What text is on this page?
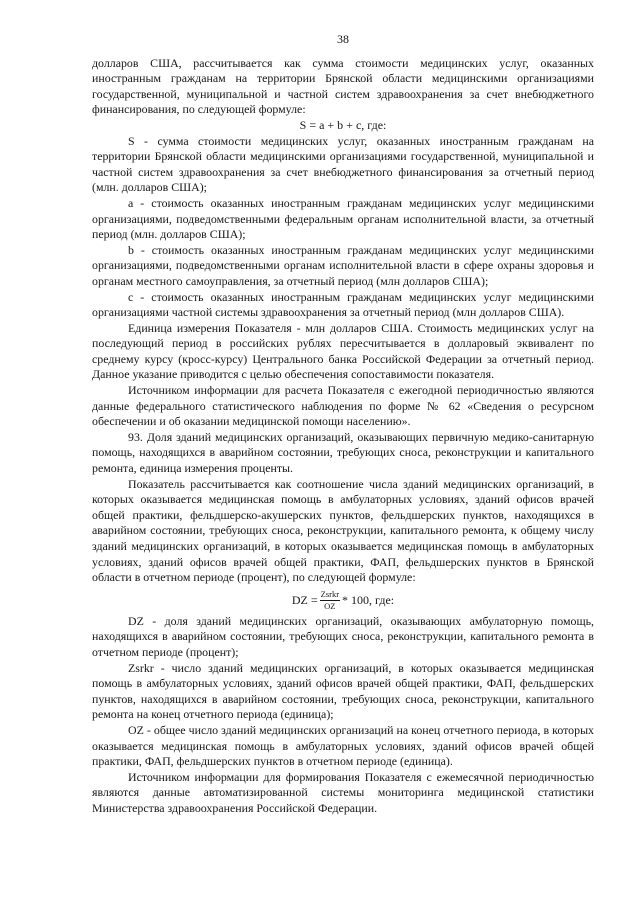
38

долларов США, рассчитывается как сумма стоимости медицинских услуг, оказанных иностранным гражданам на территории Брянской области медицинскими организациями государственной, муниципальной и частной систем здравоохранения за счет внебюджетного финансирования, по следующей формуле:

S = a + b + c, где:

S - сумма стоимости медицинских услуг, оказанных иностранным гражданам на территории Брянской области медицинскими организациями государственной, муниципальной и частной систем здравоохранения за счет внебюджетного финансирования за отчетный период (млн. долларов США);

a - стоимость оказанных иностранным гражданам медицинских услуг медицинскими организациями, подведомственными федеральным органам исполнительной власти, за отчетный период (млн. долларов США);

b - стоимость оказанных иностранным гражданам медицинских услуг медицинскими организациями, подведомственными органам исполнительной власти в сфере охраны здоровья и органам местного самоуправления, за отчетный период (млн долларов США);

c - стоимость оказанных иностранным гражданам медицинских услуг медицинскими организациями частной системы здравоохранения за отчетный период (млн долларов США).

Единица измерения Показателя - млн долларов США. Стоимость медицинских услуг на последующий период в российских рублях пересчитывается в долларовый эквивалент по среднему курсу (кросс-курсу) Центрального банка Российской Федерации за отчетный период. Данное указание приводится с целью обеспечения сопоставимости показателя.

Источником информации для расчета Показателя с ежегодной периодичностью являются данные федерального статистического наблюдения по форме № 62 «Сведения о ресурсном обеспечении и об оказании медицинской помощи населению».

93. Доля зданий медицинских организаций, оказывающих первичную медико-санитарную помощь, находящихся в аварийном состоянии, требующих сноса, реконструкции и капитального ремонта, единица измерения проценты.

Показатель рассчитывается как соотношение числа зданий медицинских организаций, в которых оказывается медицинская помощь в амбулаторных условиях, зданий офисов врачей общей практики, фельдшерско-акушерских пунктов, фельдшерских пунктов, находящихся в аварийном состоянии, требующих сноса, реконструкции, капитального ремонта, к общему числу зданий медицинских организаций, в которых оказывается медицинская помощь в амбулаторных условиях, зданий офисов врачей общей практики, ФАП, фельдшерских пунктов в Брянской области в отчетном периоде (процент), по следующей формуле:

DZ = $\frac{\text{Zsrkr}}{OZ} * 100$, где:

DZ - доля зданий медицинских организаций, оказывающих амбулаторную помощь, находящихся в аварийном состоянии, требующих сноса, реконструкции, капитального ремонта в отчетном периоде (процент);

Zsrkr - число зданий медицинских организаций, в которых оказывается медицинская помощь в амбулаторных условиях, зданий офисов врачей общей практики, ФАП, фельдшерских пунктов, находящихся в аварийном состоянии, требующих сноса, реконструкции, капитального ремонта на конец отчетного периода (единица);

OZ - общее число зданий медицинских организаций на конец отчетного периода, в которых оказывается медицинская помощь в амбулаторных условиях, зданий офисов врачей общей практики, ФАП, фельдшерских пунктов в отчетном периоде (единица).

Источником информации для формирования Показателя с ежемесячной периодичностью являются данные автоматизированной системы мониторинга медицинской статистики Министерства здравоохранения Российской Федерации.
